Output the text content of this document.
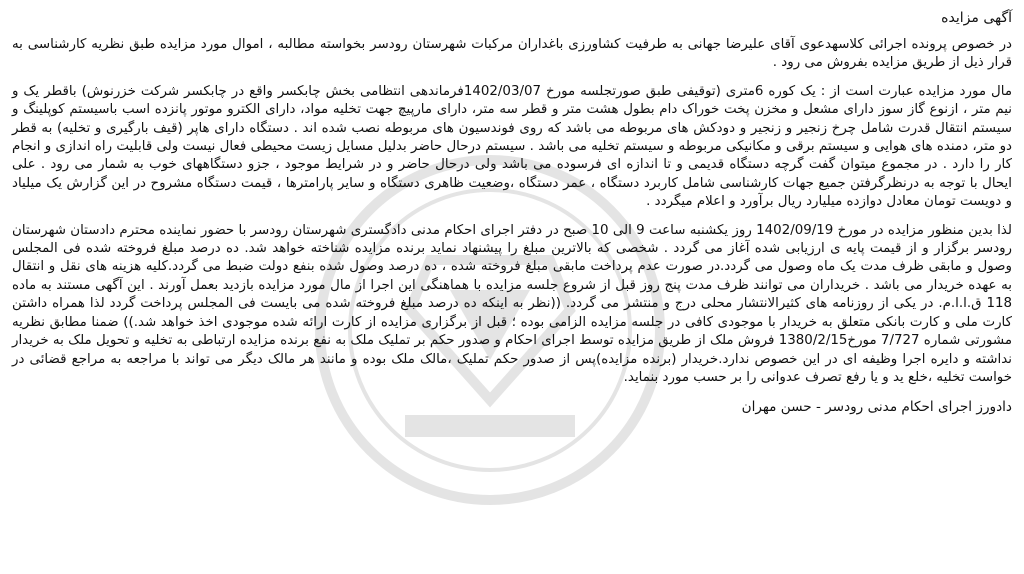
آگهی مزایده

در خصوص پرونده اجرائی کلاسهدعوی آقای علیرضا جهانی به طرفیت کشاورزی باغداران مرکبات شهرستان رودسر بخواسته مطالبه ، اموال مورد مزایده طبق نظریه کارشناسی به قرار ذیل از طریق مزایده بفروش می رود .

مال مورد مزایده عبارت است از : یک کوره 6متری (توقیفی طبق صورتجلسه مورخ 1402/03/07فرماندهی انتظامی بخش چابکسر واقع در چابکسر شرکت خزرنوش) باقطر یک و نیم متر ، ازنوع گاز سوز دارای مشعل و مخزن پخت خوراک دام بطول هشت متر و قطر سه متر، دارای مارپیچ جهت تخلیه مواد، دارای الکترو موتور پانزده اسب باسیستم کوپلینگ و سیستم انتقال قدرت شامل چرخ زنجیر و زنجیر و دودکش های مربوطه می باشد که روی فوندسیون های مربوطه نصب شده اند . دستگاه دارای هاپر (قیف بارگیری و تخلیه) به قطر دو متر، دمنده های هوایی و سیستم برقی و مکانیکی مربوطه و سیستم تخلیه می باشد . سیستم درحال حاضر بدلیل مسایل زیست محیطی فعال نیست ولی قابلیت راه اندازی و انجام کار را دارد . در مجموع میتوان گفت گرچه دستگاه قدیمی و تا اندازه ای فرسوده می باشد ولی درحال حاضر و در شرایط موجود ، جزو دستگاههای خوب به شمار می رود . علی ایحال با توجه به درنظرگرفتن جمیع جهات کارشناسی شامل کاربرد دستگاه ، عمر دستگاه ،وضعیت ظاهری دستگاه و سایر پارامترها ، قیمت دستگاه مشروح در این گزارش یک میلیاد و دویست تومان معادل دوازده میلیارد ریال برآورد و اعلام میگردد .

لذا بدین منظور مزایده در مورخ 1402/09/19 روز یکشنبه ساعت 9 الی 10 صبح در دفتر اجرای احکام مدنی دادگستری شهرستان رودسر با حضور نماینده محترم دادستان شهرستان رودسر برگزار و از قیمت پایه ی ارزیابی شده آغاز می گردد . شخصی که بالاترین مبلغ را پیشنهاد نماید برنده مزایده شناخته خواهد شد. ده درصد مبلغ فروخته شده فی المجلس وصول و مابقی ظرف مدت یک ماه وصول می گردد.در صورت عدم پرداخت مابقی مبلغ فروخته شده ، ده درصد وصول شده بنفع دولت ضبط می گردد.کلیه هزینه های نقل و انتقال به عهده خریدار می باشد . خریداران می توانند ظرف مدت پنج روز قبل از شروع جلسه مزایده با هماهنگی این اجرا از مال مورد مزایده بازدید بعمل آورند . این آگهی مستند به ماده 118 ق.ا.ا.م. در یکی از روزنامه های کثیرالانتشار محلی درج و منتشر می گردد. ((نظر به اینکه ده درصد مبلغ فروخته شده می بایست فی المجلس پرداخت گردد لذا همراه داشتن کارت ملی و کارت بانکی متعلق به خریدار با موجودی کافی در جلسه مزایده الزامی بوده ؛ قبل از برگزاری مزایده از کارت ارائه شده موجودی اخذ خواهد شد.)) ضمنا مطابق نظریه مشورتی شماره 7/727 مورخ1380/2/15 فروش ملک از طریق مزایده توسط اجرای احکام و صدور حکم بر تملیک ملک به نفع برنده مزایده ارتباطی به تخلیه و تحویل ملک به خریدار نداشته و دایره اجرا وظیفه ای در این خصوص ندارد.خریدار (برنده مزایده)پس از صدور حکم تملیک ،مالک ملک بوده و مانند هر مالک دیگر می تواند با مراجعه به مراجع قضائی در خواست تخلیه ،خلع ید و یا رفع تصرف عدوانی را بر حسب مورد بنماید.

دادورز اجرای احکام مدنی رودسر - حسن مهران
